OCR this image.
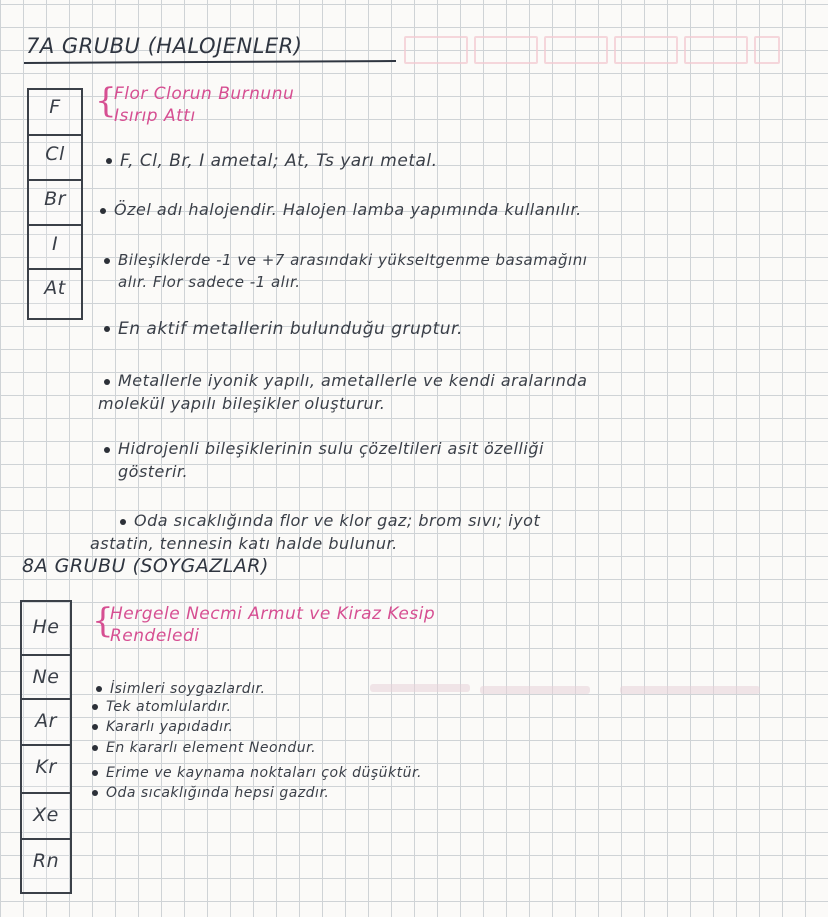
7A GRUBU (HALOJENLER)
F
Cl
Br
I
At
{
Flor Clorun Burnunu
Isırıp Attı
F, Cl, Br, I ametal; At, Ts yarı metal.
Özel adı halojendir. Halojen lamba yapımında kullanılır.
Bileşiklerde -1 ve +7 arasındaki yükseltgenme basamağını
alır. Flor sadece -1 alır.
En aktif metallerin bulunduğu gruptur.
Metallerle iyonik yapılı, ametallerle ve kendi aralarında
molekül yapılı bileşikler oluşturur.
Hidrojenli bileşiklerinin sulu çözeltileri asit özelliği
gösterir.
Oda sıcaklığında flor ve klor gaz; brom sıvı; iyot
astatin, tennesin katı halde bulunur.
8A GRUBU (SOYGAZLAR)
He
Ne
Ar
Kr
Xe
Rn
{
Hergele Necmi Armut ve Kiraz Kesip
Rendeledi
İsimleri soygazlardır.
Tek atomlulardır.
Kararlı yapıdadır.
En kararlı element Neondur.
Erime ve kaynama noktaları çok düşüktür.
Oda sıcaklığında hepsi gazdır.
